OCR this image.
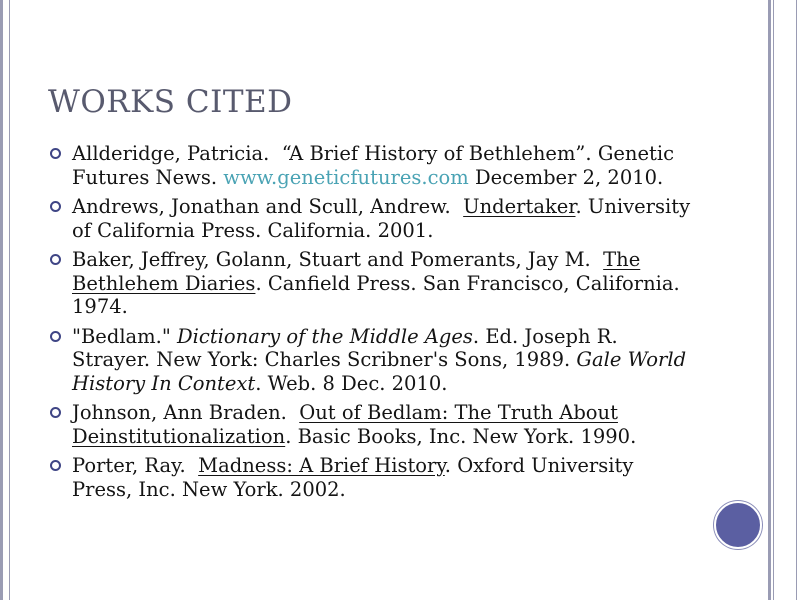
WORKS CITED
Allderidge, Patricia. “A Brief History of Bethlehem”. Genetic Futures News. www.geneticfutures.com December 2, 2010.
Andrews, Jonathan and Scull, Andrew. Undertaker. University of California Press. California. 2001.
Baker, Jeffrey, Golann, Stuart and Pomerants, Jay M. The Bethlehem Diaries. Canfield Press. San Francisco, California. 1974.
"Bedlam." Dictionary of the Middle Ages. Ed. Joseph R. Strayer. New York: Charles Scribner's Sons, 1989. Gale World History In Context. Web. 8 Dec. 2010.
Johnson, Ann Braden. Out of Bedlam: The Truth About Deinstitutionalization. Basic Books, Inc. New York. 1990.
Porter, Ray. Madness: A Brief History. Oxford University Press, Inc. New York. 2002.
